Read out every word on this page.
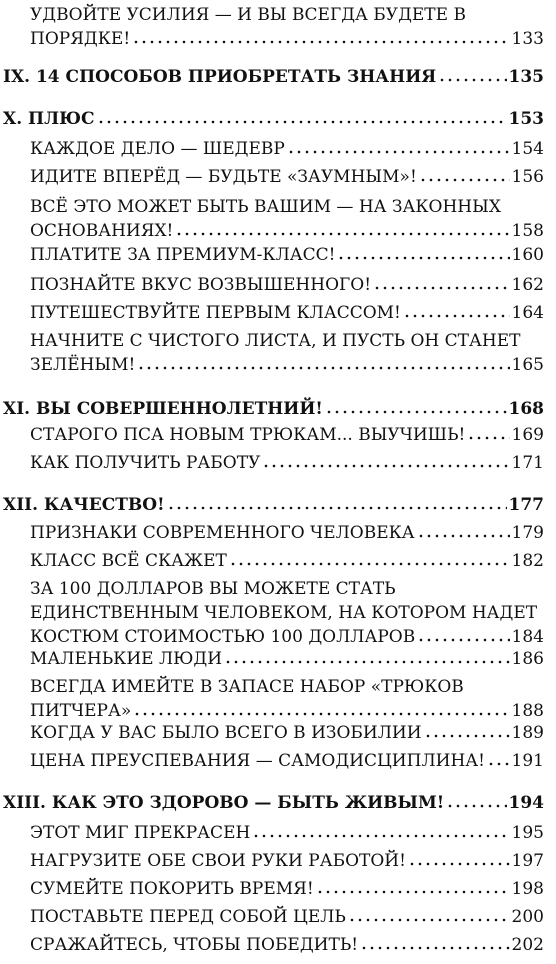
УДВОЙТЕ УСИЛИЯ — И ВЫ ВСЕГДА БУДЕТЕ В
ПОРЯДКЕ!	133
IX. 14 СПОСОБОВ ПРИОБРЕТАТЬ ЗНАНИЯ	135
X. ПЛЮС	153
КАЖДОЕ ДЕЛО — ШЕДЕВР	154
ИДИТЕ ВПЕРЁД — БУДЬТЕ «ЗАУМНЫМ»!	156
ВСЁ ЭТО МОЖЕТ БЫТЬ ВАШИМ — НА ЗАКОННЫХ
ОСНОВАНИЯХ!	158
ПЛАТИТЕ ЗА ПРЕМИУМ-КЛАСС!	160
ПОЗНАЙТЕ ВКУС ВОЗВЫШЕННОГО!	162
ПУТЕШЕСТВУЙТЕ ПЕРВЫМ КЛАССОМ!	164
НАЧНИТЕ С ЧИСТОГО ЛИСТА, И ПУСТЬ ОН СТАНЕТ
ЗЕЛЁНЫМ!	165
XI. ВЫ СОВЕРШЕННОЛЕТНИЙ!	168
СТАРОГО ПСА НОВЫМ ТРЮКАМ... ВЫУЧИШЬ!	169
КАК ПОЛУЧИТЬ РАБОТУ	171
XII. КАЧЕСТВО!	177
ПРИЗНАКИ СОВРЕМЕННОГО ЧЕЛОВЕКА	179
КЛАСС ВСЁ СКАЖЕТ	182
ЗА 100 ДОЛЛАРОВ ВЫ МОЖЕТЕ СТАТЬ
ЕДИНСТВЕННЫМ ЧЕЛОВЕКОМ, НА КОТОРОМ НАДЕТ
КОСТЮМ СТОИМОСТЬЮ 100 ДОЛЛАРОВ	184
МАЛЕНЬКИЕ ЛЮДИ	186
ВСЕГДА ИМЕЙТЕ В ЗАПАСЕ НАБОР «ТРЮКОВ
ПИТЧЕРА»	188
КОГДА У ВАС БЫЛО ВСЕГО В ИЗОБИЛИИ	189
ЦЕНА ПРЕУСПЕВАНИЯ — САМОДИСЦИПЛИНА! 191
XIII. КАК ЭТО ЗДОРОВО — БЫТЬ ЖИВЫМ!	194
ЭТОТ МИГ ПРЕКРАСЕН	195
НАГРУЗИТЕ ОБЕ СВОИ РУКИ РАБОТОЙ!	197
СУМЕЙТЕ ПОКОРИТЬ ВРЕМЯ!	198
ПОСТАВЬТЕ ПЕРЕД СОБОЙ ЦЕЛЬ	200
СРАЖАЙТЕСЬ, ЧТОБЫ ПОБЕДИТЬ!	202
